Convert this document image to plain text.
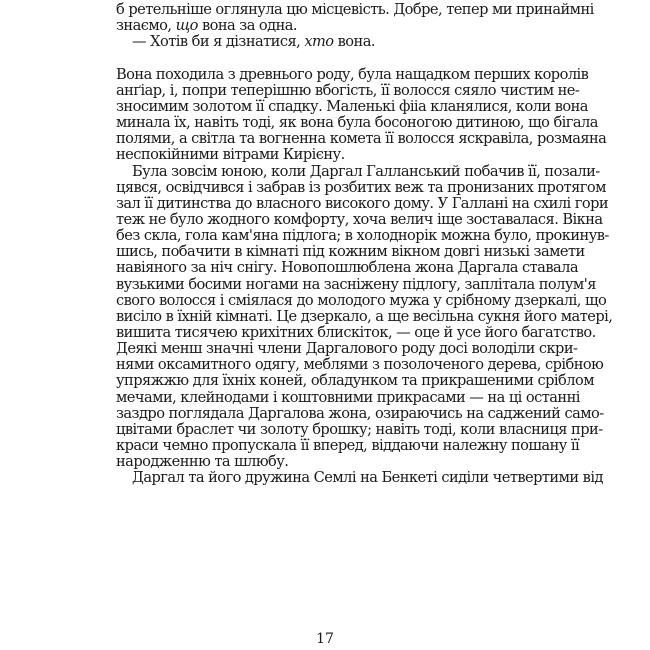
б ретельніше оглянула цю місцевість. Добре, тепер ми принаймні
знаємо, що вона за одна.
— Хотів би я дізнатися, хто вона.
Вона походила з древнього роду, була нащадком перших королів
анґіар, і, попри теперішню вбогість, її волосся сяяло чистим не-
зносимим золотом її спадку. Маленькі фііа кланялися, коли вона
минала їх, навіть тоді, як вона була босоногою дитиною, що бігала
полями, а світла та вогненна комета її волосся яскравіла, розмаяна
неспокійними вітрами Кирієну.
Була зовсім юною, коли Даргал Галланський побачив її, позали-
цявся, освідчився і забрав із розбитих веж та пронизаних протягом
зал її дитинства до власного високого дому. У Галлані на схилі гори
теж не було жодного комфорту, хоча велич іще зоставалася. Вікна
без скла, гола кам'яна підлога; в холоднорік можна було, прокинув-
шись, побачити в кімнаті під кожним вікном довгі низькі замети
навіяного за ніч снігу. Новопошлюблена жона Даргала ставала
вузькими босими ногами на засніжену підлогу, заплітала полум'я
свого волосся і сміялася до молодого мужа у срібному дзеркалі, що
висіло в їхній кімнаті. Це дзеркало, а ще весільна сукня його матері,
вишита тисячею крихітних блискіток, — оце й усе його багатство.
Деякі менш значні члени Даргалового роду досі володіли скри-
нями оксамитного одягу, меблями з позолоченого дерева, срібною
упряжжю для їхніх коней, обладунком та прикрашеними сріблом
мечами, клейнодами і коштовними прикрасами — на ці останні
заздро поглядала Даргалова жона, озираючись на саджений само-
цвітами браслет чи золоту брошку; навіть тоді, коли власниця при-
краси чемно пропускала її вперед, віддаючи належну пошану її
народженню та шлюбу.
Даргал та його дружина Семлі на Бенкеті сиділи четвертими від
17
